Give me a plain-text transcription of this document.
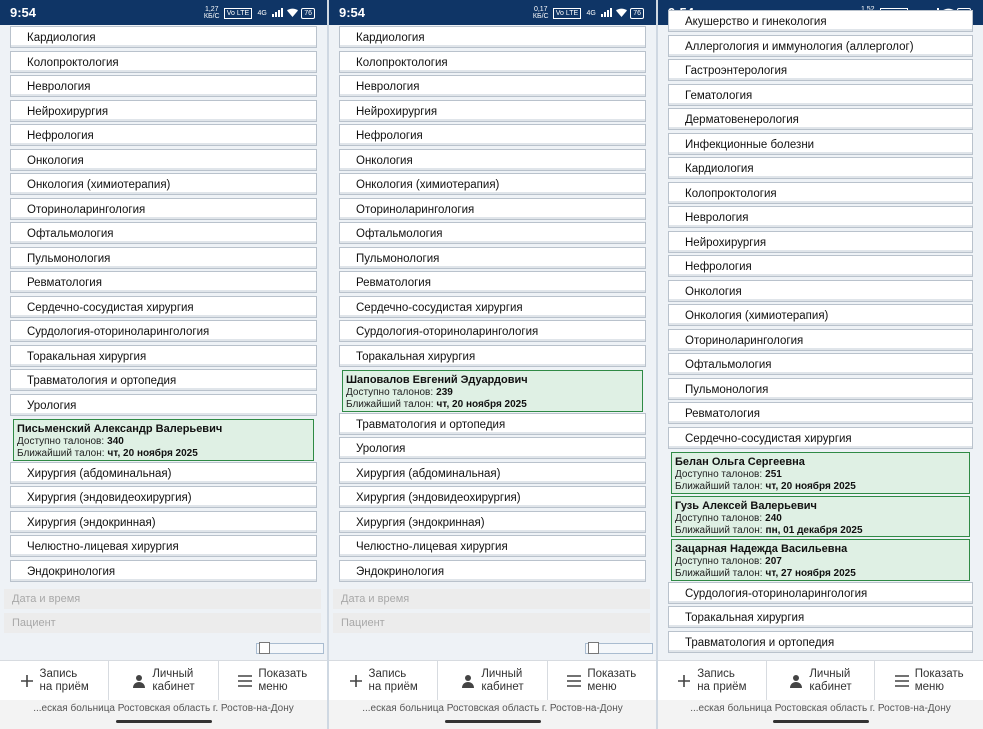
9:54	1,27 КБ/С	Vo LTE	4G	76
Кардиология
Колопроктология
Неврология
Нейрохирургия
Нефрология
Онкология
Онкология (химиотерапия)
Оториноларингология
Офтальмология
Пульмонология
Ревматология
Сердечно-сосудистая хирургия
Сурдология-оториноларингология
Торакальная хирургия
Травматология и ортопедия
Урология
Письменский Александр Валерьевич
Доступно талонов: 340
Ближайший талон: чт, 20 ноября 2025
Хирургия (абдоминальная)
Хирургия (эндовидеохирургия)
Хирургия (эндокринная)
Челюстно-лицевая хирургия
Эндокринология
Дата и время
Пациент
Запись
на приём
Личный
кабинет
Показать
меню
...еская больница Ростовская область г. Ростов-на-Дону
9:54	0,17 КБ/С	Vo LTE	4G	76
Кардиология
Колопроктология
Неврология
Нейрохирургия
Нефрология
Онкология
Онкология (химиотерапия)
Оториноларингология
Офтальмология
Пульмонология
Ревматология
Сердечно-сосудистая хирургия
Сурдология-оториноларингология
Торакальная хирургия
Шаповалов Евгений Эдуардович
Доступно талонов: 239
Ближайший талон: чт, 20 ноября 2025
Травматология и ортопедия
Урология
Хирургия (абдоминальная)
Хирургия (эндовидеохирургия)
Хирургия (эндокринная)
Челюстно-лицевая хирургия
Эндокринология
Дата и время
Пациент
Запись
на приём
Личный
кабинет
Показать
меню
...еская больница Ростовская область г. Ростов-на-Дону
Акушерство и гинекология
Аллергология и иммунология (аллерголог)
Гастроэнтерология
Гематология
Дерматовенерология
Инфекционные болезни
Кардиология
Колопроктология
Неврология
Нейрохирургия
Нефрология
Онкология
Онкология (химиотерапия)
Оториноларингология
Офтальмология
Пульмонология
Ревматология
Сердечно-сосудистая хирургия
Белан Ольга Сергеевна
Доступно талонов: 251
Ближайший талон: чт, 20 ноября 2025
Гузь Алексей Валерьевич
Доступно талонов: 240
Ближайший талон: пн, 01 декабря 2025
Зацарная Надежда Васильевна
Доступно талонов: 207
Ближайший талон: чт, 27 ноября 2025
Сурдология-оториноларингология
Торакальная хирургия
Травматология и ортопедия
Запись
на приём
Личный
кабинет
Показать
меню
...еская больница Ростовская область г. Ростов-на-Дону
